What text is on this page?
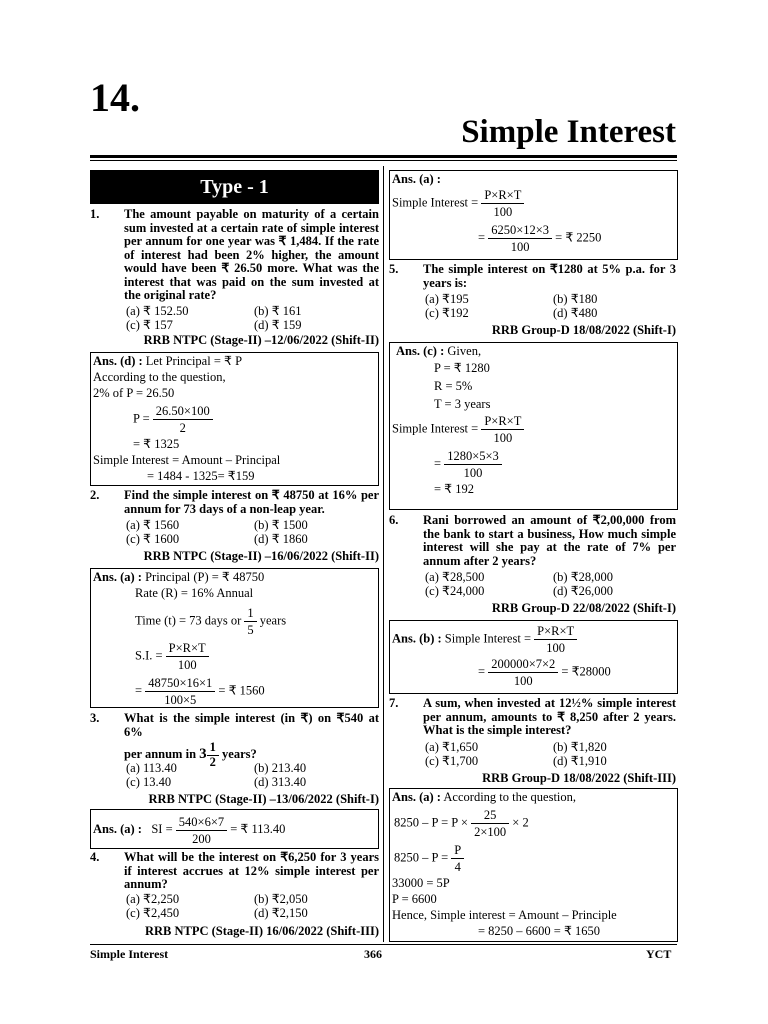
14.
Simple Interest
Type - 1
1. The amount payable on maturity of a certain sum invested at a certain rate of simple interest per annum for one year was ₹ 1,484. If the rate of interest had been 2% higher, the amount would have been ₹ 26.50 more. What was the interest that was paid on the sum invested at the original rate?
(a) ₹ 152.50	(b) ₹ 161
(c) ₹ 157	(d) ₹ 159
RRB NTPC (Stage-II) –12/06/2022 (Shift-II)
Ans. (d) : Let Principal = ₹ P
According to the question,
2% of P = 26.50
$P = \frac{26.50\times 100}{2}$
= ₹ 1325
Simple Interest = Amount – Principal
= 1484 - 1325= ₹159
2. Find the simple interest on ₹ 48750 at 16% per annum for 73 days of a non-leap year.
(a) ₹ 1560	(b) ₹ 1500
(c) ₹ 1600	(d) ₹ 1860
RRB NTPC (Stage-II) –16/06/2022 (Shift-II)
Ans. (a) : Principal (P) = ₹ 48750
Rate (R) = 16% Annual
Time (t) = 73 days or $\frac{1}{5}$ years
S.I. = $\frac{P\times R\times T}{100}$
= $\frac{48750\times 16\times 1}{100\times 5}$ = ₹ 1560
3. What is the simple interest (in ₹) on ₹540 at 6%
per annum in $3 \frac{1}{2}$ years?
(a) 113.40	(b) 213.40
(c) 13.40	(d) 313.40
RRB NTPC (Stage-II) –13/06/2022 (Shift-I)
Ans. (a) : SI = $\frac{540\times 6\times 7}{200}$ = ₹ 113.40
4. What will be the interest on ₹6,250 for 3 years if interest accrues at 12% simple interest per annum?
(a) ₹2,250	(b) ₹2,050
(c) ₹2,450	(d) ₹2,150
RRB NTPC (Stage-II) 16/06/2022 (Shift-III)
Ans. (a) :
Simple Interest = $\frac{P\times R\times T}{100}$
= $\frac{6250\times 12\times 3}{100}$ = ₹ 2250
5. The simple interest on ₹1280 at 5% p.a. for 3 years is:
(a) ₹195	(b) ₹180
(c) ₹192	(d) ₹480
RRB Group-D 18/08/2022 (Shift-I)
Ans. (c) : Given,
P = ₹ 1280
R = 5%
T = 3 years
Simple Interest = $\frac{P\times R\times T}{100}$
= $\frac{1280\times 5\times 3}{100}$
= ₹ 192
6. Rani borrowed an amount of ₹2,00,000 from the bank to start a business, How much simple interest will she pay at the rate of 7% per annum after 2 years?
(a) ₹28,500	(b) ₹28,000
(c) ₹24,000	(d) ₹26,000
RRB Group-D 22/08/2022 (Shift-I)
Ans. (b) : Simple Interest = $\frac{P\times R\times T}{100}$
= $\frac{200000\times 7\times 2}{100}$ = ₹28000
7. A sum, when invested at 12½% simple interest per annum, amounts to ₹ 8,250 after 2 years. What is the simple interest?
(a) ₹1,650	(b) ₹1,820
(c) ₹1,700	(d) ₹1,910
RRB Group-D 18/08/2022 (Shift-III)
Ans. (a) : According to the question,
$8250 - P = P \times \frac{25}{2\times 100} \times 2$
$8250 - P = \frac{P}{4}$
33000 = 5P
P = 6600
Hence, Simple interest = Amount – Principle
= 8250 – 6600 = ₹ 1650
Simple Interest	366	YCT
